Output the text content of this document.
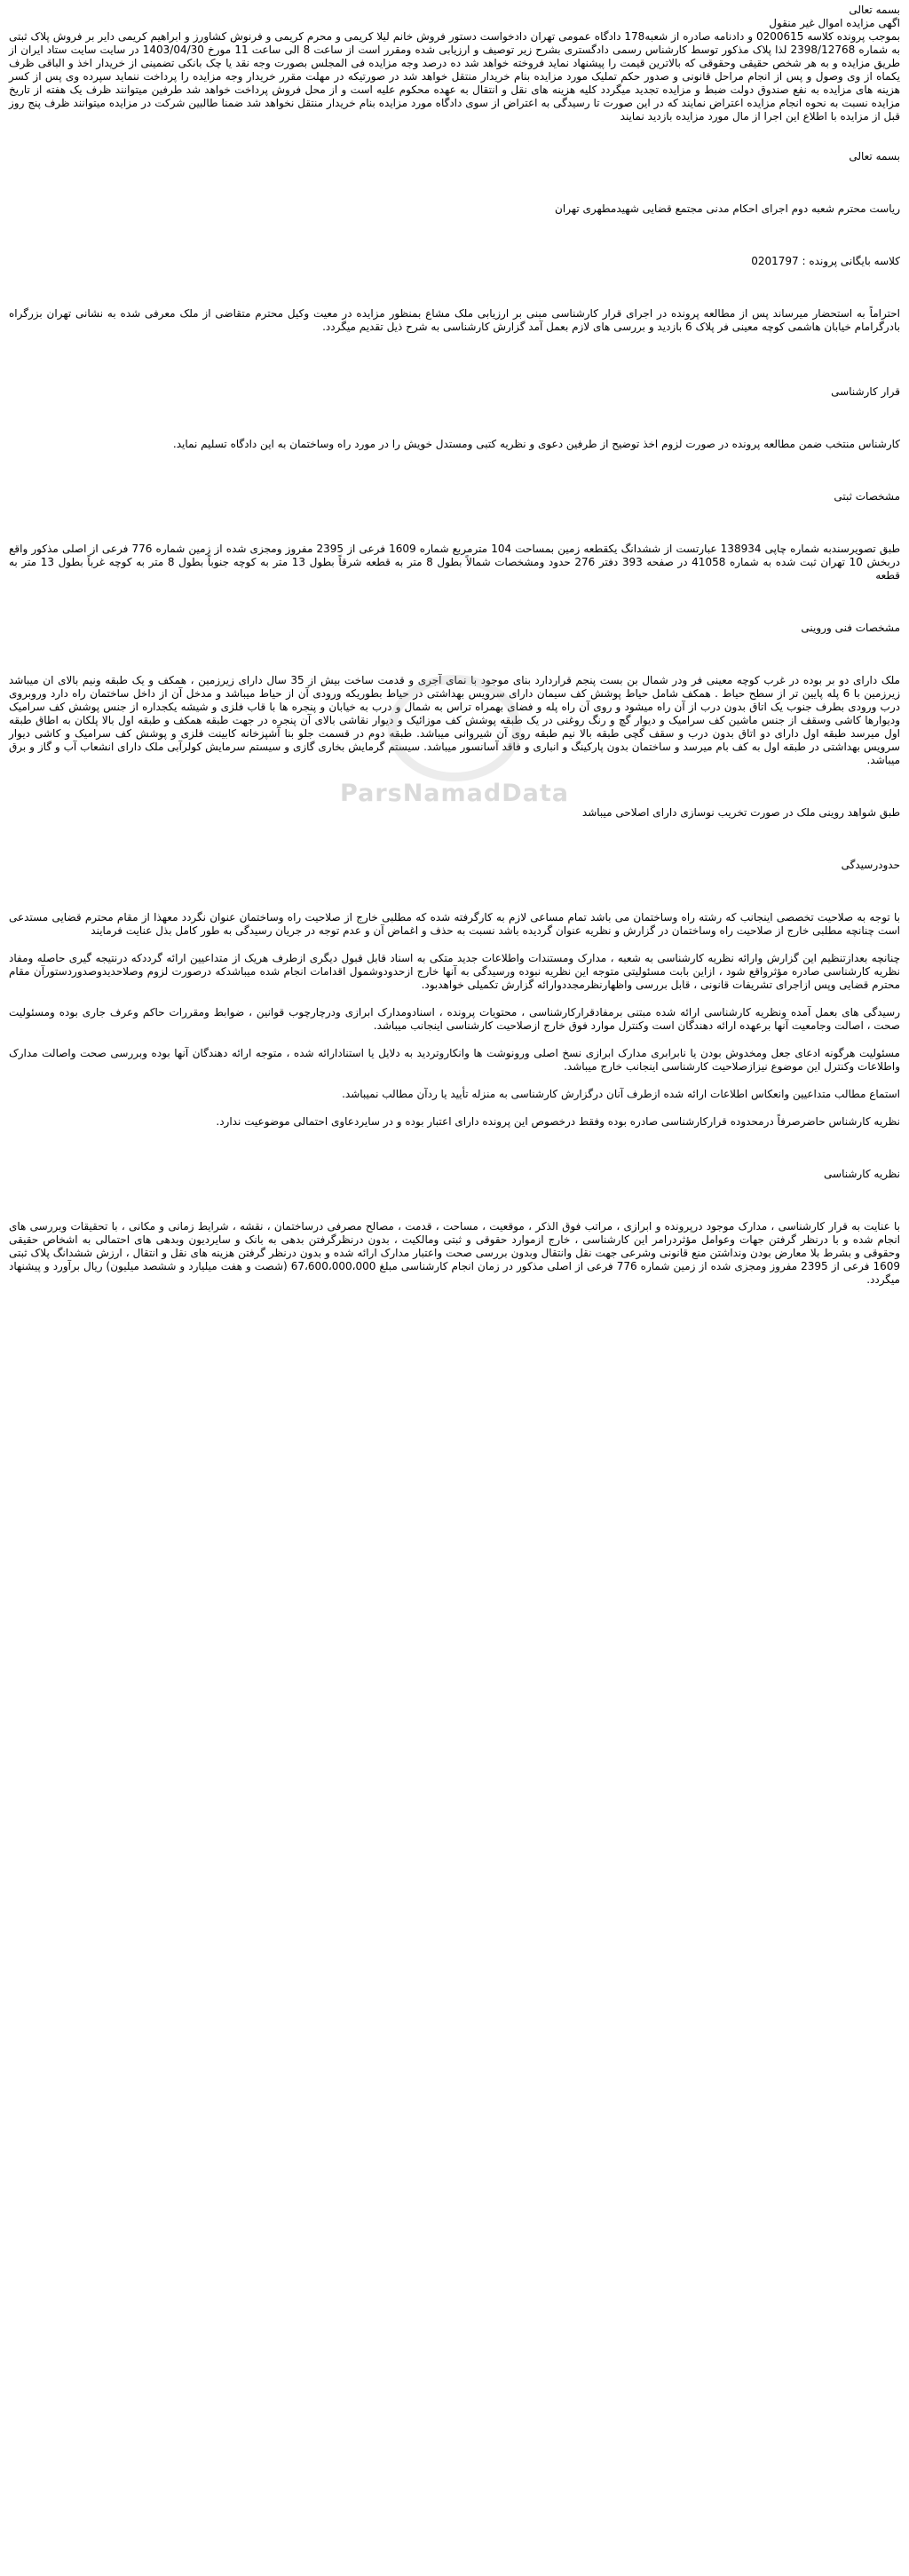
ParsNamadData

بسمه تعالی

اگهی مزایده اموال غیر منقول

بموجب پرونده کلاسه 0200615 و دادنامه صادره از شعبه178 دادگاه عمومی تهران دادخواست دستور فروش خانم لیلا کریمی و محرم کریمی و فرنوش کشاورز و ابراهیم کریمی دایر بر فروش پلاک ثبتی به شماره 2398/12768 لذا پلاک مذکور توسط کارشناس رسمی دادگستری بشرح زیر توصیف و ارزیابی شده ومقرر است از ساعت 8 الی ساعت 11 مورخ 1403/04/30 در سایت سایت ستاد ایران از طریق مزایده و به هر شخص حقیقی وحقوقی که بالاترین قیمت را پیشنهاد نماید فروخته خواهد شد ده درصد وجه مزایده فی المجلس بصورت وجه نقد یا چک بانکی تضمینی از خریدار اخذ و الباقی ظرف یکماه از وی وصول و پس از انجام مراحل قانونی و صدور حکم تملیک مورد مزایده بنام خریدار منتقل خواهد شد در صورتیکه در مهلت مقرر خریدار وجه مزایده را پرداخت ننماید سپرده وی پس از کسر هزینه های مزایده به نفع صندوق دولت ضبط و مزایده تجدید میگردد کلیه هزینه های نقل و انتقال به عهده محکوم علیه است و از محل فروش پرداخت خواهد شد طرفین میتوانند ظرف یک هفته از تاریخ مزایده نسبت به نحوه انجام مزایده اعتراض نمایند که در این صورت تا رسیدگی به اعتراض از سوی دادگاه مورد مزایده بنام خریدار منتقل نخواهد شد ضمنا طالبین شرکت در مزایده میتوانند ظرف پنج روز قبل از مزایده با اطلاع این اجرا از مال مورد مزایده بازدید نمایند

بسمه تعالی

ریاست محترم شعبه دوم اجرای احکام مدنی مجتمع قضایی شهیدمطهری تهران

کلاسه بایگانی پرونده : 0201797

احتراماً به استحضار میرساند پس از مطالعه پرونده در اجرای قرار کارشناسی مبنی بر ارزیابی ملک مشاع بمنظور مزایده در معیت وکیل محترم متقاضی از ملک معرفی شده به نشانی تهران بزرگراه بادرگرامام خیابان هاشمی کوچه معینی فر پلاک 6 بازدید و بررسی های لازم بعمل آمد گزارش کارشناسی به شرح ذیل تقدیم میگردد.

قرار کارشناسی

کارشناس منتخب ضمن مطالعه پرونده در صورت لزوم اخذ توضیح از طرفین دعوی و نظریه کتبی ومستدل خویش را در مورد راه وساختمان به این دادگاه تسلیم نماید.

مشخصات ثبتی

طبق تصویرسندبه شماره چاپی 138934 عبارتست از ششدانگ یکقطعه زمین بمساحت 104 مترمربع شماره 1609 فرعی از 2395 مفروز ومجزی شده از زمین شماره 776 فرعی از اصلی مذکور واقع دربخش 10 تهران ثبت شده به شماره 41058 در صفحه 393 دفتر 276 حدود ومشخصات شمالاً بطول 8 متر به قطعه شرقاً بطول 13 متر به کوچه جنوباً بطول 8 متر به کوچه غرباً بطول 13 متر به قطعه

مشخصات فنی وروینی

ملک دارای دو بر بوده در غرب کوچه معینی فر ودر شمال بن بست پنجم قراردارد بنای موجود با نمای آجری و قدمت ساخت بیش از 35 سال دارای زیرزمین ، همکف و یک طبقه ونیم بالای ان میباشد زیرزمین با 6 پله پایین تر از سطح حیاط . همکف شامل حیاط پوشش کف سیمان دارای سرویس بهداشتی در حیاط بطوریکه ورودی آن از حیاط میباشد و مدخل آن از داخل ساختمان راه دارد وروبروی درب ورودی بطرف جنوب یک اتاق بدون درب از آن راه میشود و روی آن راه پله و فضای بهمراه تراس به شمال و درب به خیابان و پنجره ها با قاب فلزی و شیشه یکجداره از جنس پوشش کف سرامیک ودیوارها کاشی وسقف از جنس ماشین کف سرامیک و دیوار گچ و رنگ روغنی در یک طبقه پوشش کف موزائیک و دیوار نقاشی بالای آن پنجره در جهت طبقه همکف و طبقه اول بالا پلکان به اطاق طبقه اول میرسد طبقه اول دارای دو اتاق بدون درب و سقف گچی طبقه بالا نیم طبقه روی آن شیروانی میباشد. طبقه دوم در قسمت جلو بنا آشپزخانه کابینت فلزی و پوشش کف سرامیک و کاشی دیوار سرویس بهداشتی در طبقه اول به کف بام میرسد و ساختمان بدون پارکینگ و انباری و فاقد آسانسور میباشد. سیستم گرمایش بخاری گازی و سیستم سرمایش کولرآبی ملک دارای انشعاب آب و گاز و برق میباشد.

طبق شواهد روینی ملک در صورت تخریب نوسازی دارای اصلاحی میباشد

حدودرسیدگی

با توجه به صلاحیت تخصصی اینجانب که رشته راه وساختمان می باشد تمام مساعی لازم به کارگرفته شده که مطلبی خارج از صلاحیت راه وساختمان عنوان نگردد معهذا از مقام محترم قضایی مستدعی است چنانچه مطلبی خارج از صلاحیت راه وساختمان در گزارش و نظریه عنوان گردیده باشد نسبت به حذف و اغماض آن و عدم توجه در جریان رسیدگی به طور کامل بذل عنایت فرمایند

چنانچه بعدازتنظیم این گزارش وارائه نظریه کارشناسی به شعبه ، مدارک ومستندات واطلاعات جدید متکی به اسناد قابل قبول دیگری ازطرف هریک از متداعیین ارائه گرددکه درنتیجه گیری حاصله ومفاد نظریه کارشناسی صادره مؤثرواقع شود ، ازاین بابت مسئولیتی متوجه این نظریه نبوده ورسیدگی به آنها خارج ازحدودوشمول اقدامات انجام شده میباشدکه درصورت لزوم وصلاحدیدوصدوردستورآن مقام محترم قضایی وپس ازاجرای تشریفات قانونی ، قابل بررسی واظهارنظرمجددوارائه گزارش تکمیلی خواهدبود.

رسیدگی های بعمل آمده ونظریه کارشناسی ارائه شده مبتنی برمفادقرارکارشناسی ، محتویات پرونده ، اسنادومدارک ابرازی ودرچارچوب قوانین ، ضوابط ومقررات حاکم وعرف جاری بوده ومسئولیت صحت ، اصالت وجامعیت آنها برعهده ارائه دهندگان است وکنترل موارد فوق خارج ازصلاحیت کارشناسی اینجانب میباشد.

مسئولیت هرگونه ادعای جعل ومخدوش بودن یا نابرابری مدارک ابرازی نسخ اصلی ورونوشت ها وانکاروتردید به دلایل یا استنادارائه شده ، متوجه ارائه دهندگان آنها بوده وبررسی صحت واصالت مدارک واطلاعات وکنترل این موضوع نیزازصلاحیت کارشناسی اینجانب خارج میباشد.

استماع مطالب متداعیین وانعکاس اطلاعات ارائه شده ازطرف آنان درگزارش کارشناسی به منزله تأیید یا ردآن مطالب نمیباشد.

نظریه کارشناس حاضرصرفاً درمحدوده قرارکارشناسی صادره بوده وفقط درخصوص این پرونده دارای اعتبار بوده و در سایردعاوی احتمالی موضوعیت ندارد.

نظریه کارشناسی

با عنایت به قرار کارشناسی ، مدارک موجود درپرونده و ابرازی ، مراتب فوق الذکر ، موقعیت ، مساحت ، قدمت ، مصالح مصرفی درساختمان ، نقشه ، شرایط زمانی و مکانی ، با تحقیقات وبررسی های انجام شده و با درنظر گرفتن جهات وعوامل مؤثردرامر این کارشناسی ، خارج ازموارد حقوقی و ثبتی ومالکیت ، بدون درنظرگرفتن بدهی به بانک و سایردیون وبدهی های احتمالی به اشخاص حقیقی وحقوقی و بشرط بلا معارض بودن ونداشتن منع قانونی وشرعی جهت نقل وانتقال وبدون بررسی صحت واعتبار مدارک ارائه شده و بدون درنظر گرفتن هزینه های نقل و انتقال ، ارزش ششدانگ پلاک ثبتی 1609 فرعی از 2395 مفروز ومجزی شده از زمین شماره 776 فرعی از اصلی مذکور در زمان انجام کارشناسی مبلغ 67،600،000،000 (شصت و هفت میلیارد و ششصد میلیون) ریال برآورد و پیشنهاد میگردد.
